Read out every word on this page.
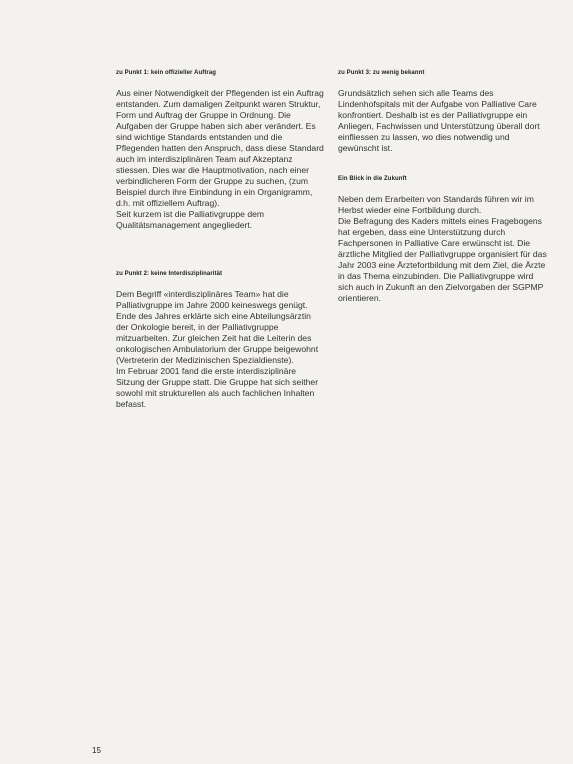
zu Punkt 1: kein offizieller Auftrag

Aus einer Notwendigkeit der Pflegenden ist ein Auftrag entstanden. Zum damaligen Zeitpunkt waren Struktur, Form und Auftrag der Gruppe in Ordnung. Die Aufgaben der Gruppe haben sich aber verändert. Es sind wichtige Standards entstanden und die Pflegenden hatten den Anspruch, dass diese Standard auch im interdisziplinären Team auf Akzeptanz stiessen. Dies war die Hauptmotivation, nach einer verbindlicheren Form der Gruppe zu suchen, (zum Beispiel durch ihre Einbindung in ein Organigramm, d.h. mit offiziellem Auftrag).

Seit kurzem ist die Palliativgruppe dem Qualitätsmanagement angegliedert.

zu Punkt 2: keine Interdisziplinarität

Dem Begriff «interdisziplinäres Team» hat die Palliativgruppe im Jahre 2000 keineswegs genügt. Ende des Jahres erklärte sich eine Abteilungsärztin der Onkologie bereit, in der Palliativgruppe mitzuarbeiten. Zur gleichen Zeit hat die Leiterin des onkologischen Ambulatorium der Gruppe beigewohnt (Vertreterin der Medizinischen Spezialdienste).

Im Februar 2001 fand die erste interdisziplinäre Sitzung der Gruppe statt. Die Gruppe hat sich seither sowohl mit strukturellen als auch fachlichen Inhalten befasst.

zu Punkt 3: zu wenig bekannt

Grundsätzlich sehen sich alle Teams des Lindenhofspitals mit der Aufgabe von Palliative Care konfrontiert. Deshalb ist es der Palliativgruppe ein Anliegen, Fachwissen und Unterstützung überall dort einfliessen zu lassen, wo dies notwendig und gewünscht ist.

Ein Blick in die Zukunft

Neben dem Erarbeiten von Standards führen wir im Herbst wieder eine Fortbildung durch.

Die Befragung des Kaders mittels eines Fragebogens hat ergeben, dass eine Unterstützung durch Fachpersonen in Palliative Care erwünscht ist. Die ärztliche Mitglied der Palliativgruppe organisiert für das Jahr 2003 eine Ärztefortbildung mit dem Ziel, die Ärzte in das Thema einzubinden. Die Palliativgruppe wird sich auch in Zukunft an den Zielvorgaben der SGPMP orientieren.

15
